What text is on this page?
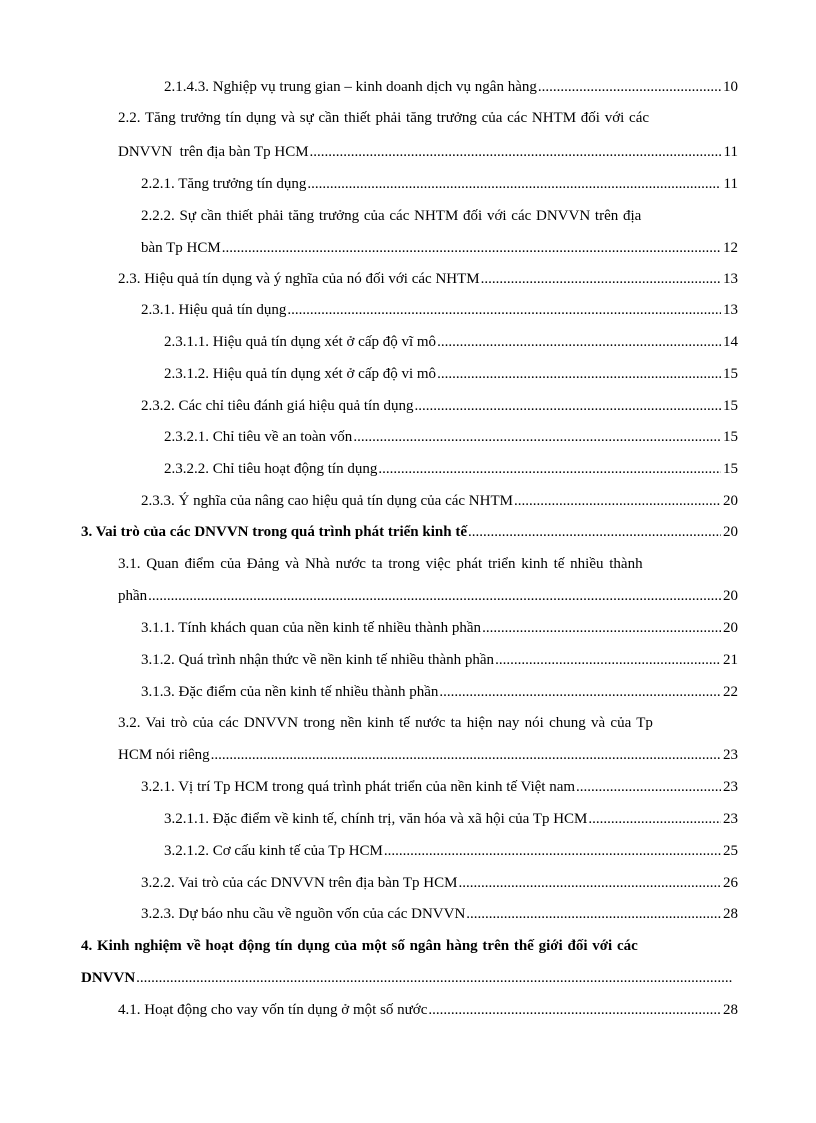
2.1.4.3. Nghiệp vụ trung gian – kinh doanh dịch vụ ngân hàng .....	10
2.2. Tăng trưởng tín dụng và sự cần thiết phải tăng trưởng của các NHTM đối với các
DNVVN  trên địa bàn Tp HCM .....	11
2.2.1. Tăng trưởng tín dụng .....	11
2.2.2. Sự cần thiết phải tăng trưởng của các NHTM đối với các DNVVN trên địa
bàn Tp HCM .....	12
2.3. Hiệu quả tín dụng và ý nghĩa của nó đối với các NHTM .....	13
2.3.1. Hiệu quả tín dụng .....	13
2.3.1.1. Hiệu quả tín dụng xét ở cấp độ vĩ mô .....	14
2.3.1.2. Hiệu quả tín dụng xét ở cấp độ vi mô .....	15
2.3.2. Các chỉ tiêu đánh giá hiệu quả tín dụng .....	15
2.3.2.1. Chỉ tiêu về an toàn vốn .....	15
2.3.2.2. Chỉ tiêu hoạt động tín dụng .....	15
2.3.3. Ý nghĩa của nâng cao hiệu quả tín dụng của các NHTM .....	20
3. Vai trò của các DNVVN trong quá trình phát triển kinh tế .....	20
3.1. Quan điểm của Đảng và Nhà nước ta trong việc phát triển kinh tế nhiều thành
phần .....	20
3.1.1. Tính khách quan của nền kinh tế nhiều thành phần .....	20
3.1.2. Quá trình nhận thức về nền kinh tế nhiều thành phần .....	21
3.1.3. Đặc điểm của nền kinh tế nhiều thành phần .....	22
3.2. Vai trò của các DNVVN trong nền kinh tế nước ta hiện nay nói chung và của Tp
HCM nói riêng .....	23
3.2.1. Vị trí Tp HCM trong quá trình phát triển của nền kinh tế Việt nam .....	23
3.2.1.1. Đặc điểm về kinh tế, chính trị, văn hóa và xã hội của Tp HCM .....	23
3.2.1.2. Cơ cấu kinh tế của Tp HCM .....	25
3.2.2. Vai trò của các DNVVN trên địa bàn Tp HCM .....	26
3.2.3. Dự báo nhu cầu về nguồn vốn của các DNVVN .....	28
4. Kinh nghiệm về hoạt động tín dụng của một số ngân hàng trên thế giới đối với các
DNVVN
.....
4.1. Hoạt động cho vay vốn tín dụng ở một số nước .....	28
